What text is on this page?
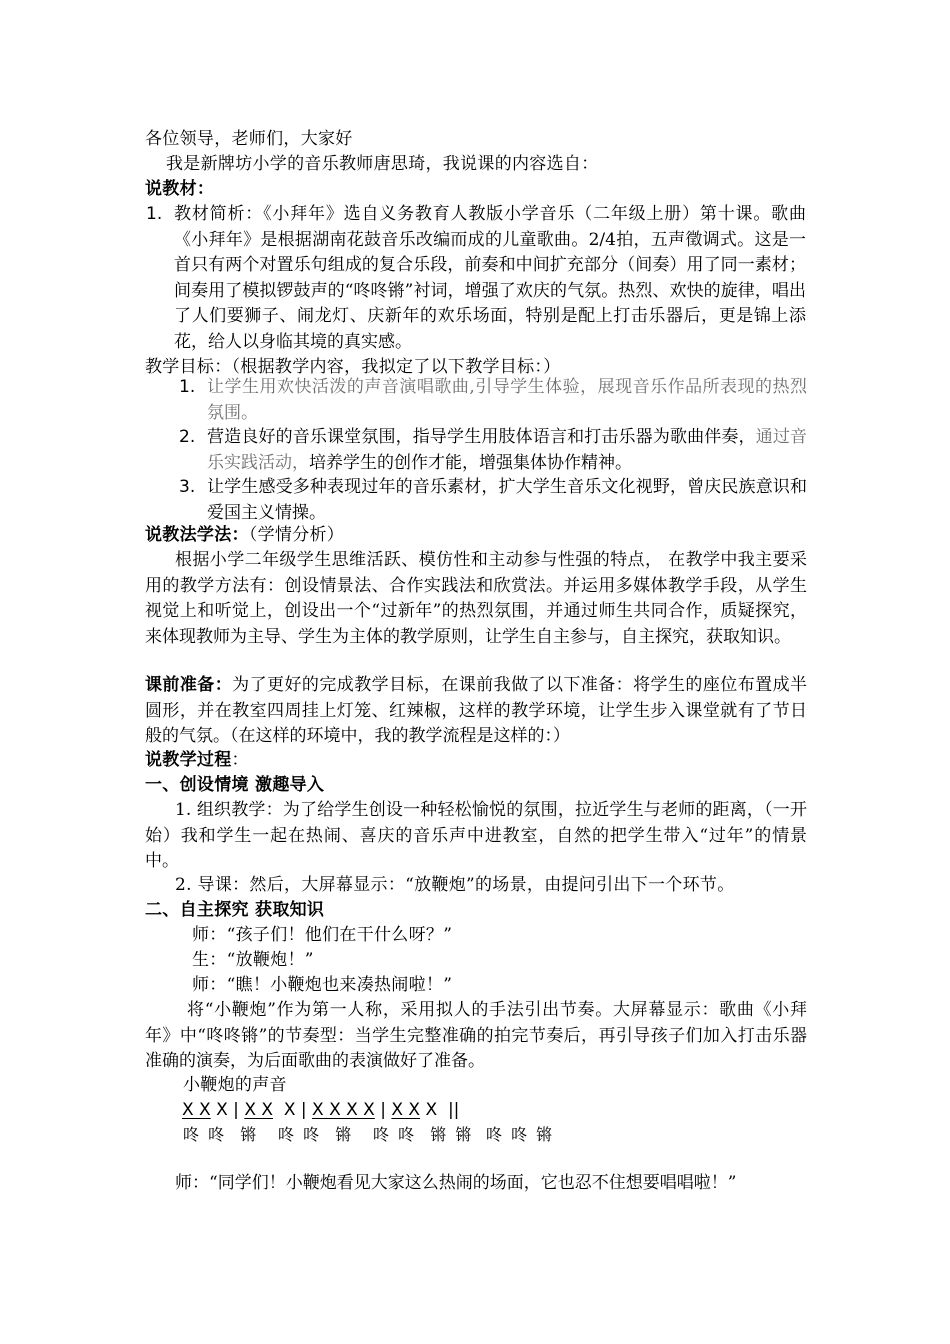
各位领导，老师们，大家好
我是新牌坊小学的音乐教师唐思琦，我说课的内容选自：
说教材：
1. 教材简析：《小拜年》选自义务教育人教版小学音乐（二年级上册）第十课。歌曲《小拜年》是根据湖南花鼓音乐改编而成的儿童歌曲。2/4拍，五声徵调式。这是一首只有两个对置乐句组成的复合乐段，前奏和中间扩充部分（间奏）用了同一素材；间奏用了模拟锣鼓声的“咚咚锵”衬词，增强了欢庆的气氛。热烈、欢快的旋律，唱出了人们要狮子、闹龙灯、庆新年的欢乐场面，特别是配上打击乐器后，更是锦上添花，给人以身临其境的真实感。
教学目标：（根据教学内容，我拟定了以下教学目标：）
1. 让学生用欢快活泼的声音演唱歌曲,引导学生体验，展现音乐作品所表现的热烈氛围。
2. 营造良好的音乐课堂氛围，指导学生用肢体语言和打击乐器为歌曲伴奏，通过音乐实践活动，培养学生的创作才能，增强集体协作精神。
3. 让学生感受多种表现过年的音乐素材，扩大学生音乐文化视野，曾庆民族意识和爱国主义情操。
说教法学法：（学情分析）
根据小学二年级学生思维活跃、模仿性和主动参与性强的特点， 在教学中我主要采用的教学方法有：创设情景法、合作实践法和欣赏法。并运用多媒体教学手段，从学生视觉上和听觉上，创设出一个“过新年”的热烈氛围，并通过师生共同合作，质疑探究，来体现教师为主导、学生为主体的教学原则，让学生自主参与，自主探究，获取知识。
课前准备：为了更好的完成教学目标，在课前我做了以下准备：将学生的座位布置成半圆形，并在教室四周挂上灯笼、红辣椒，这样的教学环境，让学生步入课堂就有了节日般的气氛。（在这样的环境中，我的教学流程是这样的：）
说教学过程：
一、创设情境 激趣导入
1. 组织教学：为了给学生创设一种轻松愉悦的氛围，拉近学生与老师的距离，（一开始）我和学生一起在热闹、喜庆的音乐声中进教室，自然的把学生带入“过年”的情景中。
2. 导课：然后，大屏幕显示：“放鞭炮”的场景，由提问引出下一个环节。
二、自主探究 获取知识
师：“孩子们！他们在干什么呀？”
生：“放鞭炮！”
师：“瞧！小鞭炮也来凑热闹啦！”
将“小鞭炮”作为第一人称，采用拟人的手法引出节奏。大屏幕显示：歌曲《小拜年》中“咚咚锵”的节奏型：当学生完整准确的拍完节奏后，再引导孩子们加入打击乐器准确的演奏，为后面歌曲的表演做好了准备。
小鞭炮的声音
X X X | X X  X | X X X X | X X X ||
咚 咚  锵 咚 咚  锵 咚 咚  锵 锵 咚 咚 锵
师：“同学们！小鞭炮看见大家这么热闹的场面，它也忍不住想要唱唱啦！”
